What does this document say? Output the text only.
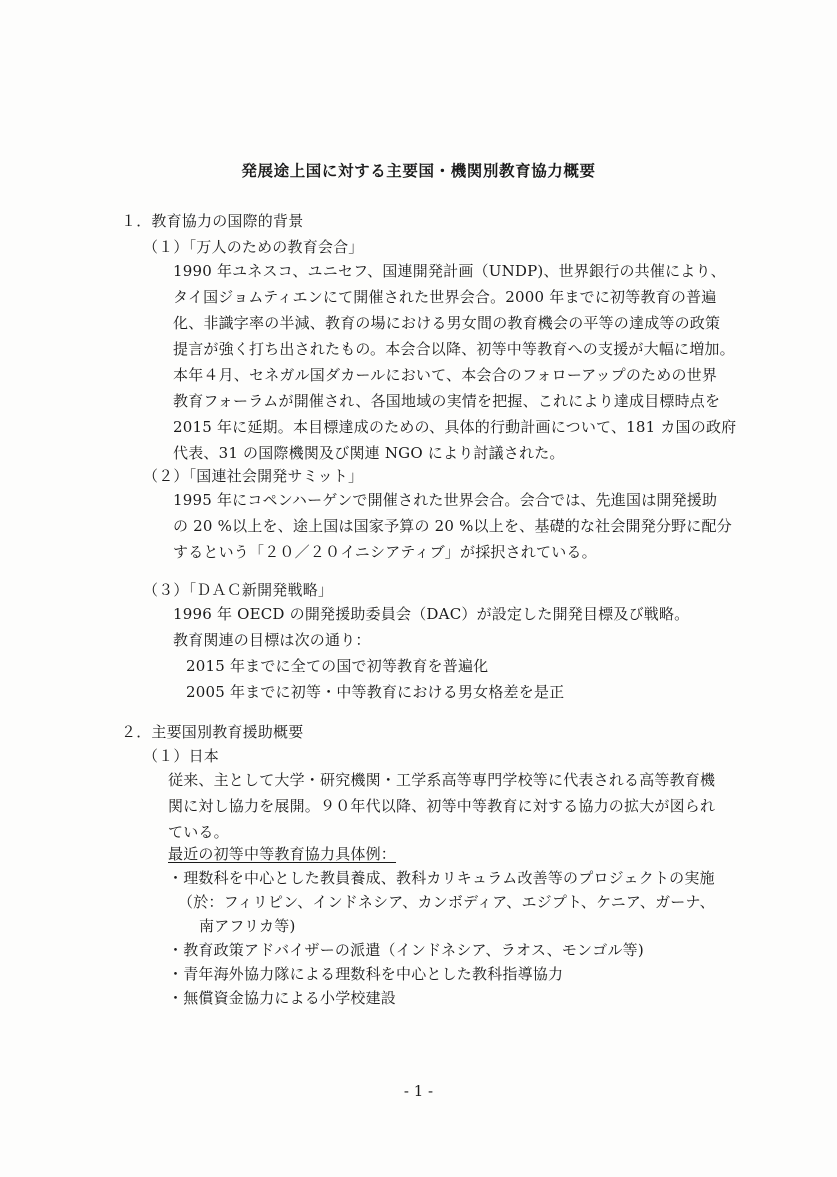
発展途上国に対する主要国・機関別教育協力概要
１．教育協力の国際的背景
（１）「万人のための教育会合」
1990 年ユネスコ、ユニセフ、国連開発計画（UNDP)、世界銀行の共催により、
タイ国ジョムティエンにて開催された世界会合。2000 年までに初等教育の普遍
化、非識字率の半減、教育の場における男女間の教育機会の平等の達成等の政策
提言が強く打ち出されたもの。本会合以降、初等中等教育への支援が大幅に増加。
本年４月、セネガル国ダカールにおいて、本会合のフォローアップのための世界
教育フォーラムが開催され、各国地域の実情を把握、これにより達成目標時点を
2015 年に延期。本目標達成のための、具体的行動計画について、181 カ国の政府
代表、31 の国際機関及び関連 NGO により討議された。
（２）「国連社会開発サミット」
1995 年にコペンハーゲンで開催された世界会合。会合では、先進国は開発援助
の 20 %以上を、途上国は国家予算の 20 %以上を、基礎的な社会開発分野に配分
するという「２０／２０イニシアティブ」が採択されている。
（３）「ＤＡＣ新開発戦略」
1996 年 OECD の開発援助委員会（DAC）が設定した開発目標及び戦略。
教育関連の目標は次の通り：
2015 年までに全ての国で初等教育を普遍化
2005 年までに初等・中等教育における男女格差を是正
２．主要国別教育援助概要
（１）日本
従来、主として大学・研究機関・工学系高等専門学校等に代表される高等教育機
関に対し協力を展開。９０年代以降、初等中等教育に対する協力の拡大が図られ
ている。
最近の初等中等教育協力具体例：
・理数科を中心とした教員養成、教科カリキュラム改善等のプロジェクトの実施
（於：フィリピン、インドネシア、カンボディア、エジプト、ケニア、ガーナ、
南アフリカ等)
・教育政策アドバイザーの派遣（インドネシア、ラオス、モンゴル等)
・青年海外協力隊による理数科を中心とした教科指導協力
・無償資金協力による小学校建設
- 1 -
